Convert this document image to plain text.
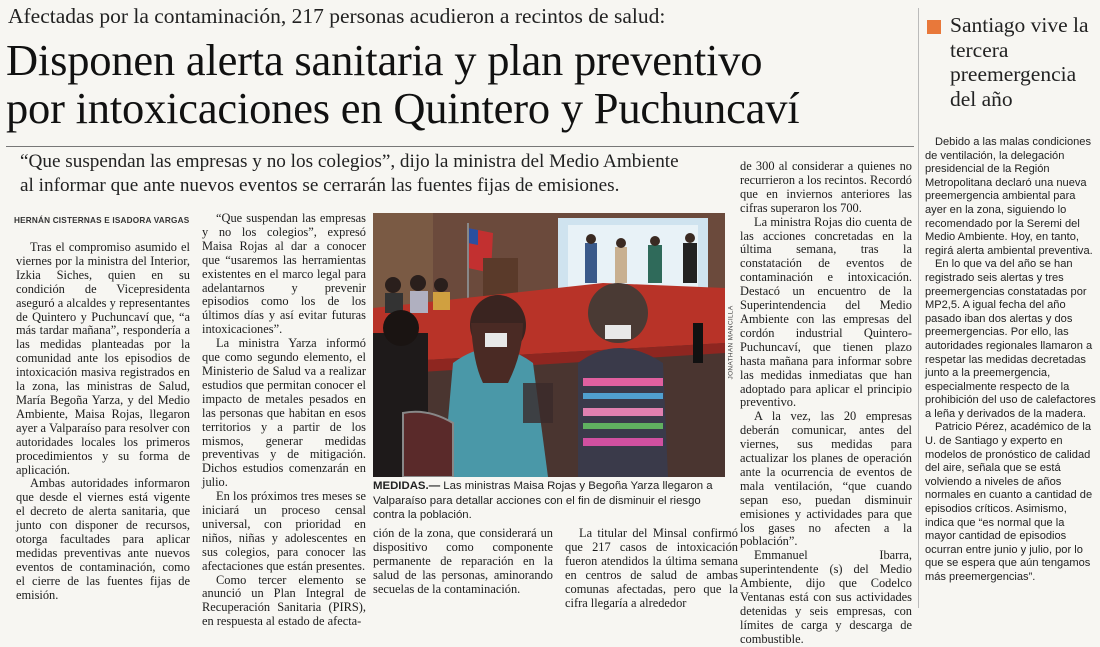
Afectadas por la contaminación, 217 personas acudieron a recintos de salud:
Disponen alerta sanitaria y plan preventivo
por intoxicaciones en Quintero y Puchuncaví
“Que suspendan las empresas y no los colegios”, dijo la ministra del Medio Ambiente
al informar que ante nuevos eventos se cerrarán las fuentes fijas de emisiones.
HERNÁN CISTERNAS E ISADORA VARGAS

Tras el compromiso asumido el viernes por la ministra del Interior, Izkia Siches, quien en su condición de Vicepresidenta aseguró a alcaldes y representantes de Quintero y Puchuncaví que, “a más tardar mañana”, respondería a las medidas planteadas por la comunidad ante los episodios de intoxicación masiva registrados en la zona, las ministras de Salud, María Begoña Yarza, y del Medio Ambiente, Maisa Rojas, llegaron ayer a Valparaíso para resolver con autoridades locales los primeros procedimientos y su forma de aplicación.

Ambas autoridades informaron que desde el viernes está vigente el decreto de alerta sanitaria, que junto con disponer de recursos, otorga facultades para aplicar medidas preventivas ante nuevos eventos de contaminación, como el cierre de las fuentes fijas de emisión.

“Que suspendan las empresas y no los colegios”, expresó Maisa Rojas al dar a conocer que “usaremos las herramientas existentes en el marco legal para adelantarnos y prevenir episodios como los de los últimos días y así evitar futuras intoxicaciones”.

La ministra Yarza informó que como segundo elemento, el Ministerio de Salud va a realizar estudios que permitan conocer el impacto de metales pesados en las personas que habitan en esos territorios y a partir de los mismos, generar medidas preventivas y de mitigación. Dichos estudios comenzarán en julio.

En los próximos tres meses se iniciará un proceso censal universal, con prioridad en niños, niñas y adolescentes en sus colegios, para conocer las afectaciones que están presentes.

Como tercer elemento se anunció un Plan Integral de Recuperación Sanitaria (PIRS), en respuesta al estado de afecta-

JONATHAN MANCILLA
MEDIDAS.— Las ministras Maisa Rojas y Begoña Yarza llegaron a Valparaíso para detallar acciones con el fin de disminuir el riesgo contra la población.

ción de la zona, que considerará un dispositivo como componente permanente de reparación en la salud de las personas, aminorando secuelas de la contaminación.

La titular del Minsal confirmó que 217 casos de intoxicación fueron atendidos la última semana en centros de salud de ambas comunas afectadas, pero que la cifra llegaría a alrededor

de 300 al considerar a quienes no recurrieron a los recintos. Recordó que en inviernos anteriores las cifras superaron los 700.

La ministra Rojas dio cuenta de las acciones concretadas en la última semana, tras la constatación de eventos de contaminación e intoxicación. Destacó un encuentro de la Superintendencia del Medio Ambiente con las empresas del cordón industrial Quintero-Puchuncaví, que tienen plazo hasta mañana para informar sobre las medidas inmediatas que han adoptado para aplicar el principio preventivo.

A la vez, las 20 empresas deberán comunicar, antes del viernes, sus medidas para actualizar los planes de operación ante la ocurrencia de eventos de mala ventilación, “que cuando sepan eso, puedan disminuir emisiones y actividades para que los gases no afecten a la población”.

Emmanuel Ibarra, superintendente (s) del Medio Ambiente, dijo que Codelco Ventanas está con sus actividades detenidas y seis empresas, con límites de carga y descarga de combustible.

Santiago vive la tercera preemergencia del año

Debido a las malas condiciones de ventilación, la delegación presidencial de la Región Metropolitana declaró una nueva preemergencia ambiental para ayer en la zona, siguiendo lo recomendado por la Seremi del Medio Ambiente. Hoy, en tanto, regirá alerta ambiental preventiva.

En lo que va del año se han registrado seis alertas y tres preemergencias constatadas por MP2,5. A igual fecha del año pasado iban dos alertas y dos preemergencias. Por ello, las autoridades regionales llamaron a respetar las medidas decretadas junto a la preemergencia, especialmente respecto de la prohibición del uso de calefactores a leña y derivados de la madera.

Patricio Pérez, académico de la U. de Santiago y experto en modelos de pronóstico de calidad del aire, señala que se está volviendo a niveles de años normales en cuanto a cantidad de episodios críticos. Asimismo, indica que “es normal que la mayor cantidad de episodios ocurran entre junio y julio, por lo que se espera que aún tengamos más preemergencias”.
